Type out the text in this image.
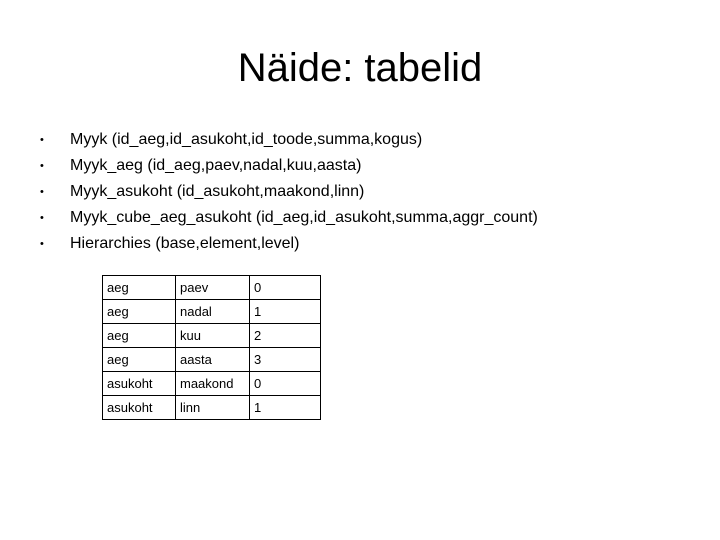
Näide: tabelid
•	Myyk (id_aeg,id_asukoht,id_toode,summa,kogus)
•	Myyk_aeg (id_aeg,paev,nadal,kuu,aasta)
•	Myyk_asukoht (id_asukoht,maakond,linn)
•	Myyk_cube_aeg_asukoht (id_aeg,id_asukoht,summa,aggr_count)
•	Hierarchies (base,element,level)
aeg	paev	0
aeg	nadal	1
aeg	kuu	2
aeg	aasta	3
asukoht	maakond	0
asukoht	linn	1
